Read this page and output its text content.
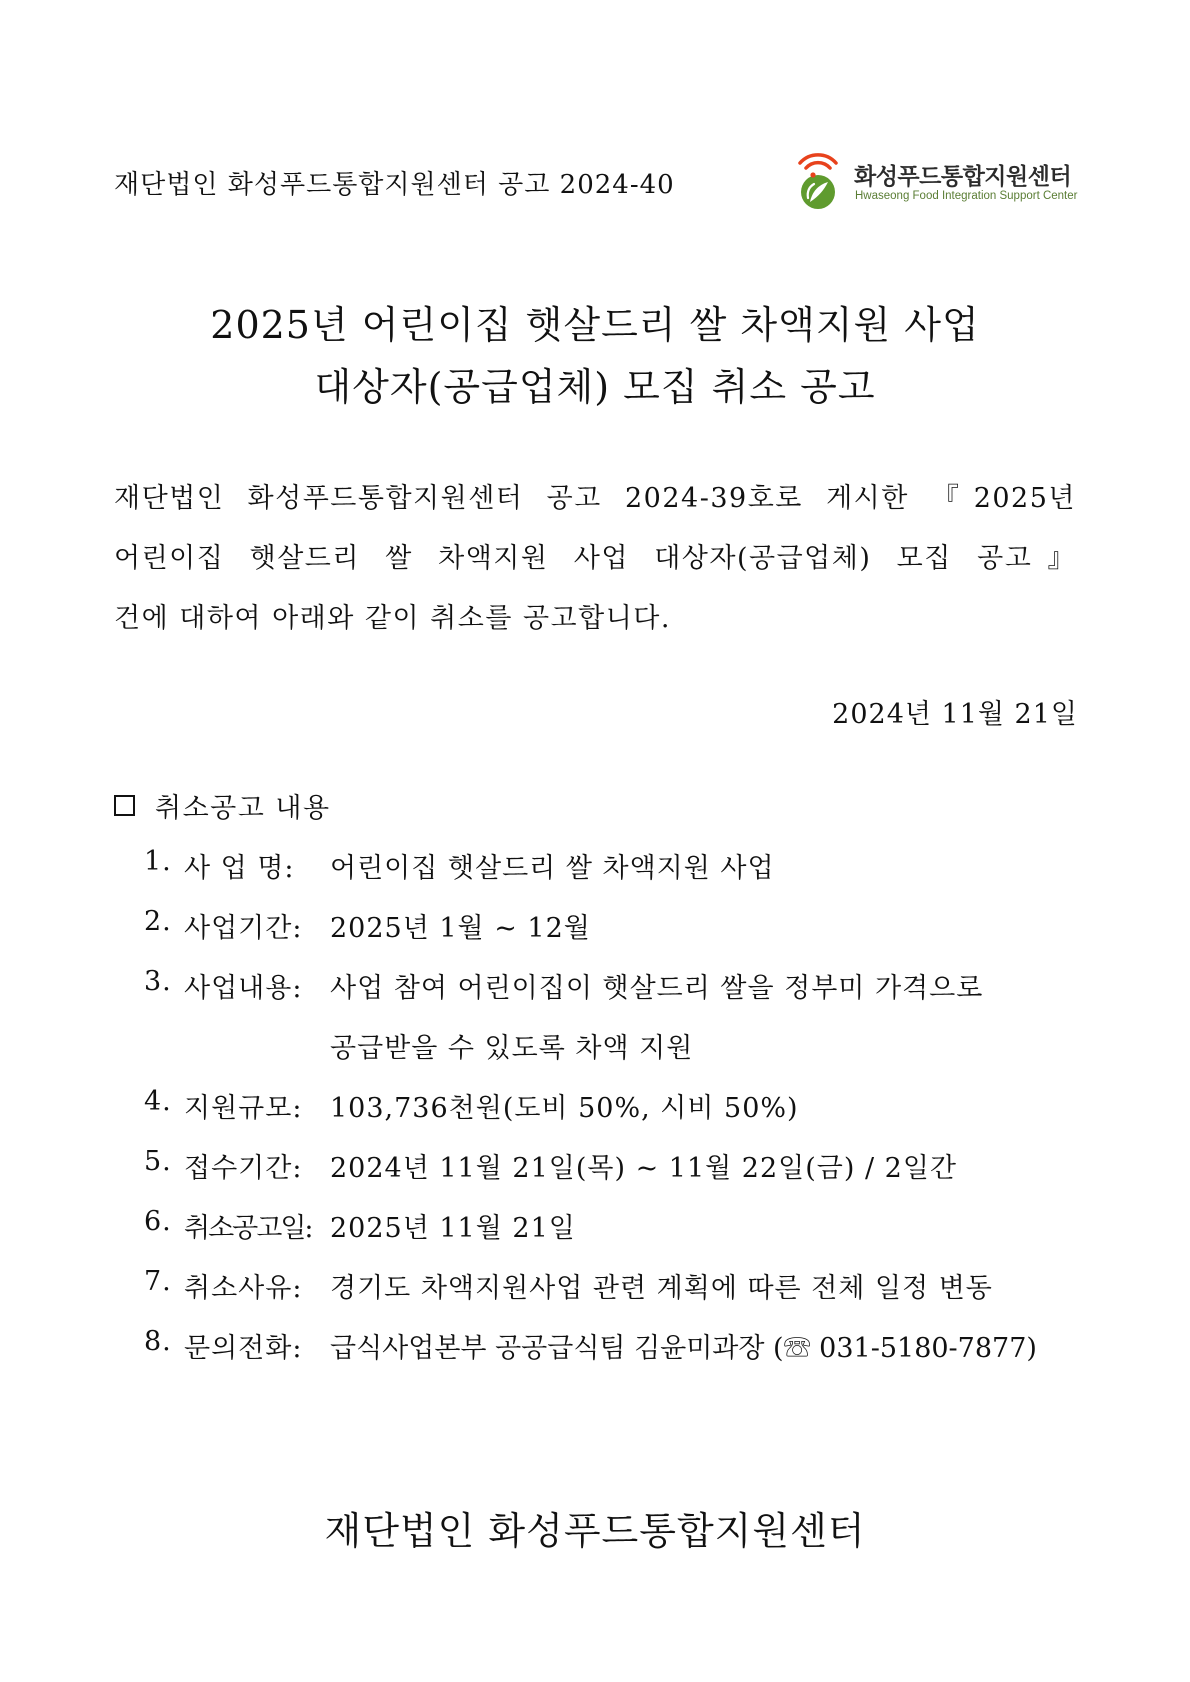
재단법인 화성푸드통합지원센터 공고 2024-40	화성푸드통합지원센터
Hwaseong Food Integration Support Center
2025년 어린이집 햇살드리 쌀 차액지원 사업
대상자(공급업체) 모집 취소 공고
재단법인 화성푸드통합지원센터 공고 2024-39호로 게시한 『2025년
어린이집 햇살드리 쌀 차액지원 사업 대상자(공급업체) 모집 공고』
건에 대하여 아래와 같이 취소를 공고합니다.
2024년 11월 21일
취소공고 내용
1. 사 업 명:	어린이집 햇살드리 쌀 차액지원 사업
2. 사업기간:	2025년 1월 ~ 12월
3. 사업내용:	사업 참여 어린이집이 햇살드리 쌀을 정부미 가격으로
공급받을 수 있도록 차액 지원
4. 지원규모:	103,736천원(도비 50%, 시비 50%)
5. 접수기간:	2024년 11월 21일(목) ~ 11월 22일(금) / 2일간
6. 취소공고일: 2025년 11월 21일
7. 취소사유:	경기도 차액지원사업 관련 계획에 따른 전체 일정 변동
8. 문의전화:	급식사업본부 공공급식팀 김윤미과장 (☏ 031-5180-7877)
재단법인 화성푸드통합지원센터
